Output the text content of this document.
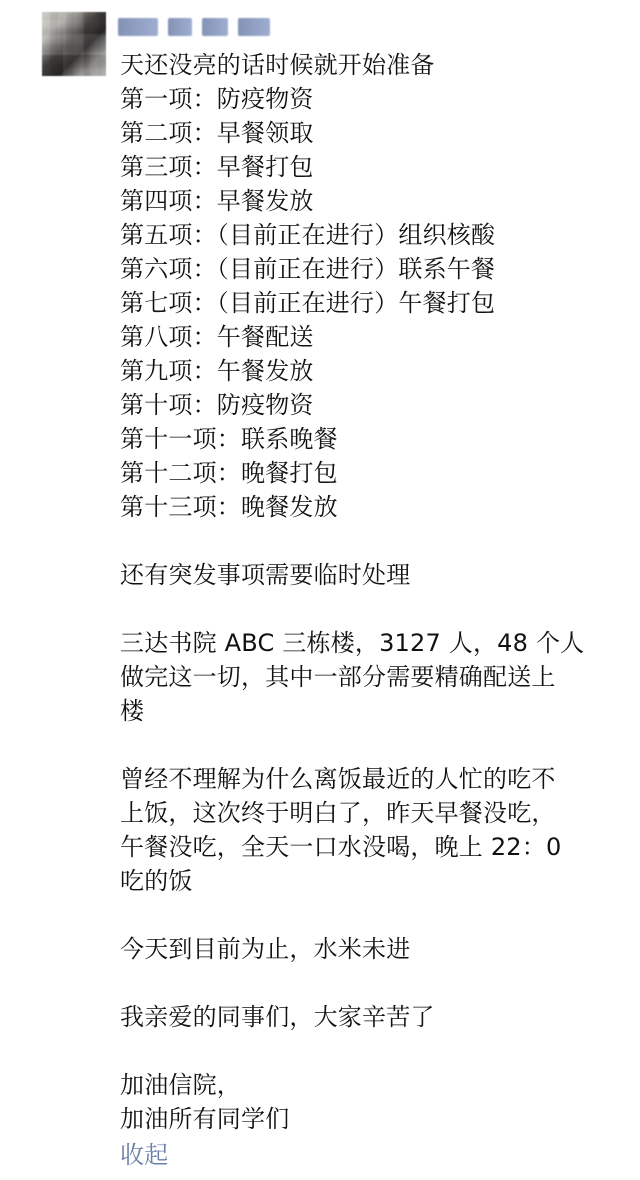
天还没亮的话时候就开始准备
第一项：防疫物资
第二项：早餐领取
第三项：早餐打包
第四项：早餐发放
第五项：（目前正在进行）组织核酸
第六项：（目前正在进行）联系午餐
第七项：（目前正在进行）午餐打包
第八项：午餐配送
第九项：午餐发放
第十项：防疫物资
第十一项：联系晚餐
第十二项：晚餐打包
第十三项：晚餐发放
还有突发事项需要临时处理
三达书院 ABC 三栋楼，3127 人，48 个人
做完这一切，其中一部分需要精确配送上
楼
曾经不理解为什么离饭最近的人忙的吃不
上饭，这次终于明白了，昨天早餐没吃，
午餐没吃，全天一口水没喝，晚上 22：0
吃的饭
今天到目前为止，水米未进
我亲爱的同事们，大家辛苦了
加油信院，
加油所有同学们
收起
